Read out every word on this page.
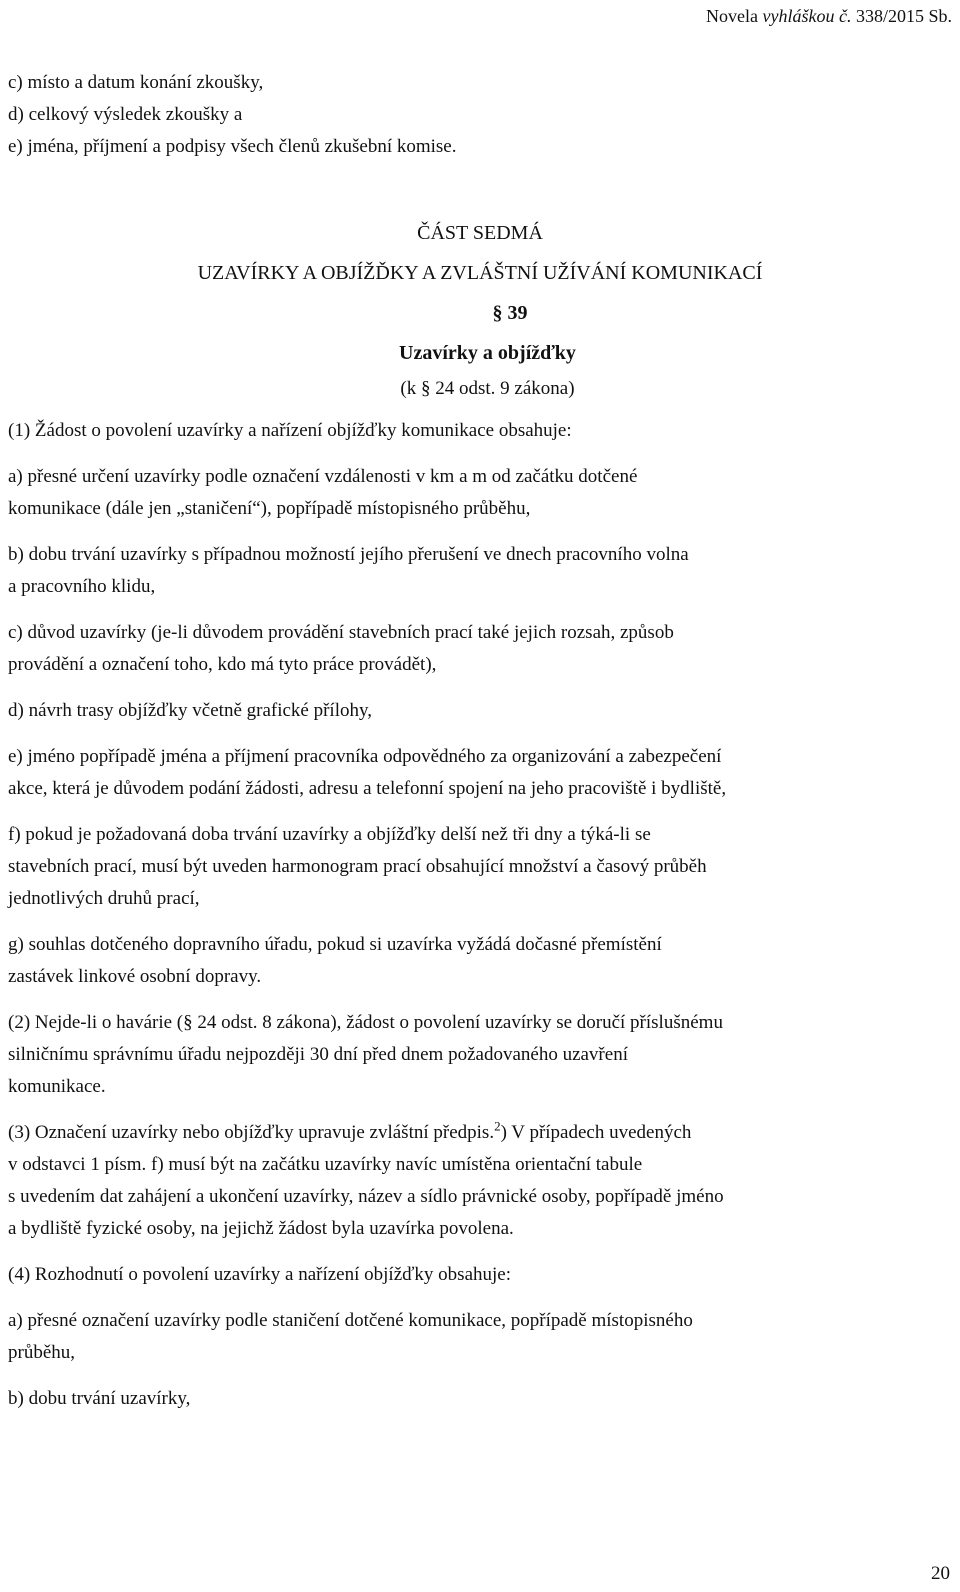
Novela vyhláškou č. 338/2015 Sb.
c) místo a datum konání zkoušky,
d) celkový výsledek zkoušky a
e) jména, příjmení a podpisy všech členů zkušební komise.
ČÁST SEDMÁ
UZAVÍRKY A OBJÍŽĎKY A ZVLÁŠTNÍ UŽÍVÁNÍ KOMUNIKACÍ
§ 39
Uzavírky a objížďky
(k § 24 odst. 9 zákona)
(1) Žádost o povolení uzavírky a nařízení objížďky komunikace obsahuje:
a) přesné určení uzavírky podle označení vzdálenosti v km a m od začátku dotčené
komunikace (dále jen „staničení“), popřípadě místopisného průběhu,
b) dobu trvání uzavírky s případnou možností jejího přerušení ve dnech pracovního volna
a pracovního klidu,
c) důvod uzavírky (je-li důvodem provádění stavebních prací také jejich rozsah, způsob
provádění a označení toho, kdo má tyto práce provádět),
d) návrh trasy objížďky včetně grafické přílohy,
e) jméno popřípadě jména a příjmení pracovníka odpovědného za organizování a zabezpečení
akce, která je důvodem podání žádosti, adresu a telefonní spojení na jeho pracoviště i bydliště,
f) pokud je požadovaná doba trvání uzavírky a objížďky delší než tři dny a týká-li se
stavebních prací, musí být uveden harmonogram prací obsahující množství a časový průběh
jednotlivých druhů prací,
g) souhlas dotčeného dopravního úřadu, pokud si uzavírka vyžádá dočasné přemístění
zastávek linkové osobní dopravy.
(2) Nejde-li o havárie (§ 24 odst. 8 zákona), žádost o povolení uzavírky se doručí příslušnému
silničnímu správnímu úřadu nejpozději 30 dní před dnem požadovaného uzavření
komunikace.
(3) Označení uzavírky nebo objížďky upravuje zvláštní předpis.$^2$) V případech uvedených
v odstavci 1 písm. f) musí být na začátku uzavírky navíc umístěna orientační tabule
s uvedením dat zahájení a ukončení uzavírky, název a sídlo právnické osoby, popřípadě jméno
a bydliště fyzické osoby, na jejichž žádost byla uzavírka povolena.
(4) Rozhodnutí o povolení uzavírky a nařízení objížďky obsahuje:
a) přesné označení uzavírky podle staničení dotčené komunikace, popřípadě místopisného
průběhu,
b) dobu trvání uzavírky,
20
